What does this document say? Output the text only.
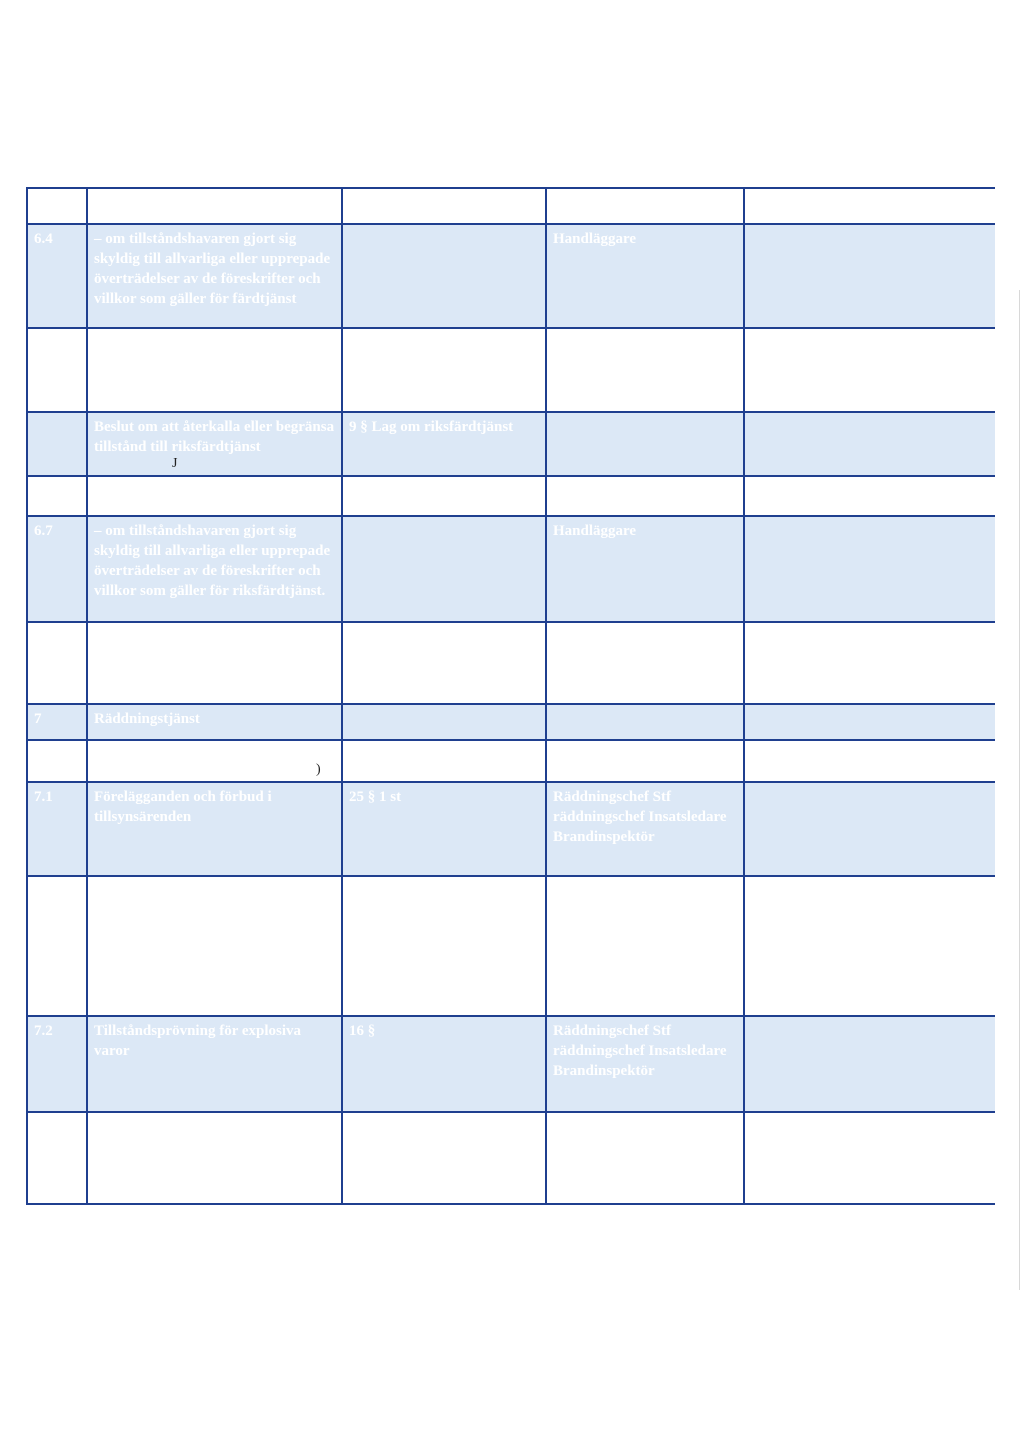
6.4	– om tillståndshavaren gjort sig skyldig till allvarliga eller upprepade överträdelser av de föreskrifter och villkor som gäller för färdtjänst		Handläggare	

	Beslut om att återkalla eller begränsa tillstånd till riksfärdtjänst	9 § Lag om riksfärdtjänst		

6.7	– om tillståndshavaren gjort sig skyldig till allvarliga eller upprepade överträdelser av de föreskrifter och villkor som gäller för riksfärdtjänst.		Handläggare	

7	Räddningstjänst			

7.1	Förelägganden och förbud i tillsynsärenden	25 § 1 st	Räddningschef Stf räddningschef Insatsledare Brandinspektör	

7.2	Tillståndsprövning för explosiva varor	16 §	Räddningschef Stf räddningschef Insatsledare Brandinspektör	

J
)
